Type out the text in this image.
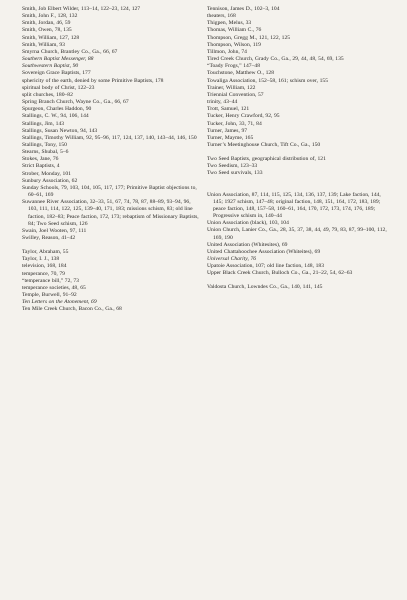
Smith, Job Elbert Wilder, 113–14, 122–23, 124, 127
Smith, John F., 128, 132
Smith, Jordan, 46, 59
Smith, Owen, 78, 135
Smith, William, 127, 128
Smith, William, 93
Smyrna Church, Brantley Co., Ga., 66, 67
Southern Baptist Messenger, 88
Southwestern Baptist, 90
Sovereign Grace Baptists, 177
sphericity of the earth, denied by some Primitive Baptists, 178
spiritual body of Christ, 122–23
split churches, 180–82
Spring Branch Church, Wayne Co., Ga., 66, 67
Spurgeon, Charles Haddon, 90
Stallings, C. W., 94, 106, 144
Stallings, Jim, 143
Stallings, Susan Newton, 94, 143
Stallings, Timothy William, 92, 95–96, 117, 124, 137, 140, 143–44, 146, 150
Stallings, Tony, 150
Stearns, Shubal, 5–6
Stokes, Jane, 76
Strict Baptists, 4
Strober, Monday, 101
Sunbury Association, 62
Sunday Schools, 79, 103, 104, 105, 117, 177; Primitive Baptist objections to, 60–61, 169
Suwannee River Association, 32–33, 51, 67, 74, 78, 87, 88–89, 93–94, 96, 103, 111, 114, 122, 125, 139–40, 171, 183; missions schism, 83; old line faction, 182–83; Peace faction, 172, 173; rebaptism of Missionary Baptists, 84; Two Seed schism, 126
Swain, Joel Wooten, 97, 111
Swilley, Reason, 41–42
Taylor, Abraham, 55
Taylor, I. J., 138
television, 168, 184
temperance, 70, 79
“temperance bill,” 72, 73
temperance societies, 48, 65
Temple, Burwell, 91–92
Ten Letters on the Atonement, 69
Ten Mile Creek Church, Bacon Co., Ga., 68
Tennison, James D., 102–3, 104
theaters, 168
Thigpen, Melus, 33
Thomas, William C., 76
Thompson, Gregg M., 121, 122, 125
Thompson, Wilson, 119
Tillmon, John, 74
Tired Creek Church, Grady Co., Ga., 29, 44, 48, 54, 69, 135
“Toady Frogs,” 147–48
Touchstone, Matthew O., 128
Towaliga Association, 152–58, 161; schism over, 155
Trainer, William, 122
Triennial Convention, 57
trinity, 43–44
Trott, Samuel, 121
Tucker, Henry Crawford, 92, 95
Tucker, John, 33, 71, 84
Turner, James, 97
Turner, Mayme, 165
Turner’s Meetinghouse Church, Tift Co., Ga., 150
Two Seed Baptists, geographical distribution of, 121
Two Seedism, 123–33
Two Seed survivals, 133
Union Association, 87, 114, 115, 125, 134, 136, 137, 139; Lake faction, 144, 145; 1927 schism, 147–48; original faction, 148, 151, 164, 172, 183, 189; peace faction, 148, 157–58, 160–61, 164, 170, 172, 173, 174, 176, 189; Progressive schism in, 140–44
Union Association (black), 103, 104
Union Church, Lanier Co., Ga., 28, 35, 37, 38, 44, 49, 79, 83, 87, 99–100, 112, 169, 190
United Association (Whitesites), 69
United Chattahoochee Association (Whiteites), 69
Universal Charity, 76
Upatoie Association, 107; old line faction, 148, 183
Upper Black Creek Church, Bulloch Co., Ga., 21–22, 54, 62–63
Valdosta Church, Lowndes Co., Ga., 140, 141, 145
